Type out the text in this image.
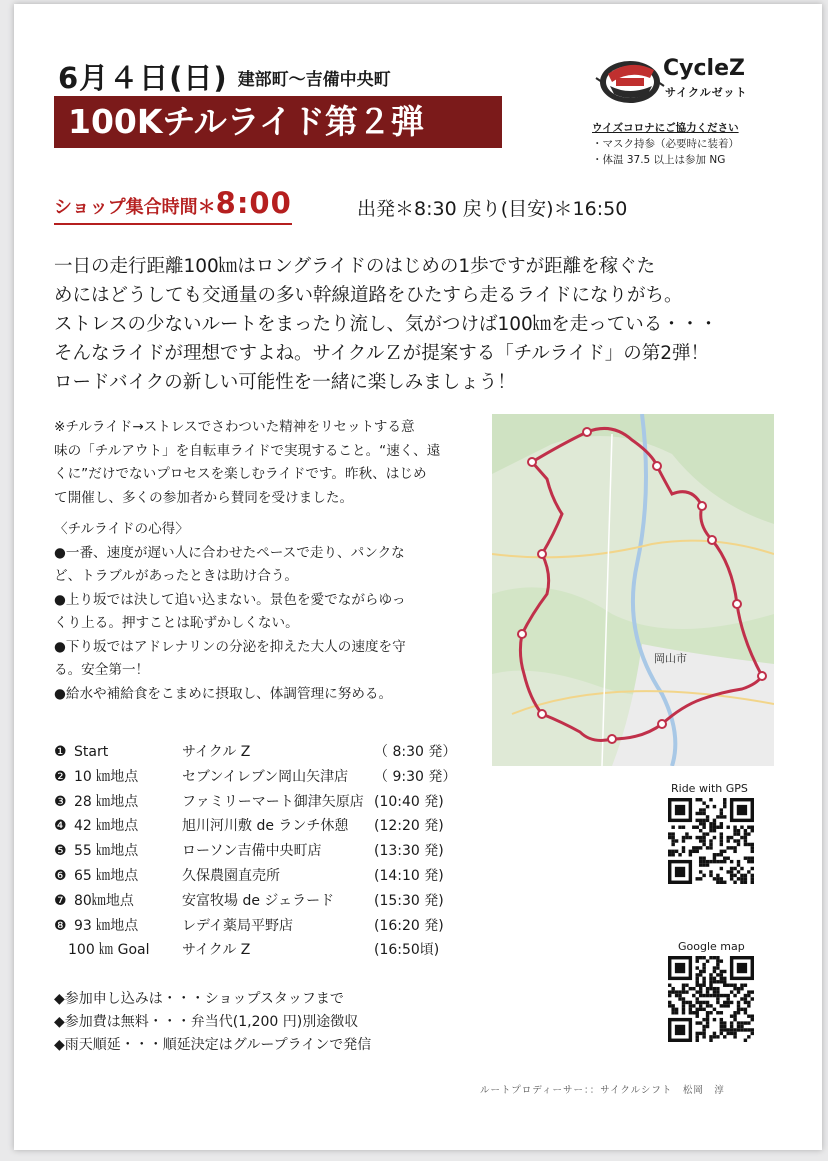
6月４日(日) 建部町〜吉備中央町
100Kチルライド第２弾
CycleZ
サイクルゼット
ウイズコロナにご協力ください
・マスク持参（必要時に装着）
・体温 37.5 以上は参加 NG
ショップ集合時間＊8:00	出発＊8:30 戻り(目安)＊16:50

一日の走行距離100㎞はロングライドのはじめの1歩ですが距離を稼ぐた

めにはどうしても交通量の多い幹線道路をひたすら走るライドになりがち。

ストレスの少ないルートをまったり流し、気がつけば100㎞を走っている・・・

そんなライドが理想ですよね。サイクルＺが提案する「チルライド」の第2弾！

ロードバイクの新しい可能性を一緒に楽しみましょう！

※チルライド→ストレスでさわついた精神をリセットする意

味の「チルアウト」を自転車ライドで実現すること。“速く、遠

くに”だけでないプロセスを楽しむライドです。昨秋、はじめ

て開催し、多くの参加者から賛同を受けました。

〈チルライドの心得〉

●一番、速度が遅い人に合わせたペースで走り、パンクな

ど、トラブルがあったときは助け合う。

●上り坂では決して追い込まない。景色を愛でながらゆっ

くり上る。押すことは恥ずかしくない。

●下り坂ではアドレナリンの分泌を抑えた大人の速度を守

る。安全第一！

●給水や補給食をこまめに摂取し、体調管理に努める。

岡山市
❶ Start	サイクル Z	（ 8:30 発）
❷ 10 ㎞地点	セブンイレブン岡山矢津店 （ 9:30 発）
❸ 28 ㎞地点	ファミリーマート御津矢原店 (10:40 発)
❹ 42 ㎞地点	旭川河川敷 de ランチ休憩 (12:20 発)
❺ 55 ㎞地点	ローソン吉備中央町店	(13:30 発)
❻ 65 ㎞地点	久保農園直売所	(14:10 発)
❼ 80㎞地点	安富牧場 de ジェラード	(15:30 発)
❽ 93 ㎞地点	レデイ薬局平野店	(16:20 発)
100 ㎞ Goal サイクル Z	(16:50頃)

◆参加申し込みは・・・ショップスタッフまで

◆参加費は無料・・・弁当代(1,200 円)別途徴収

◆雨天順延・・・順延決定はグループラインで発信

Ride with GPS
Google map
ルートプロディーサー：：サイクルシフト　松岡　淳
